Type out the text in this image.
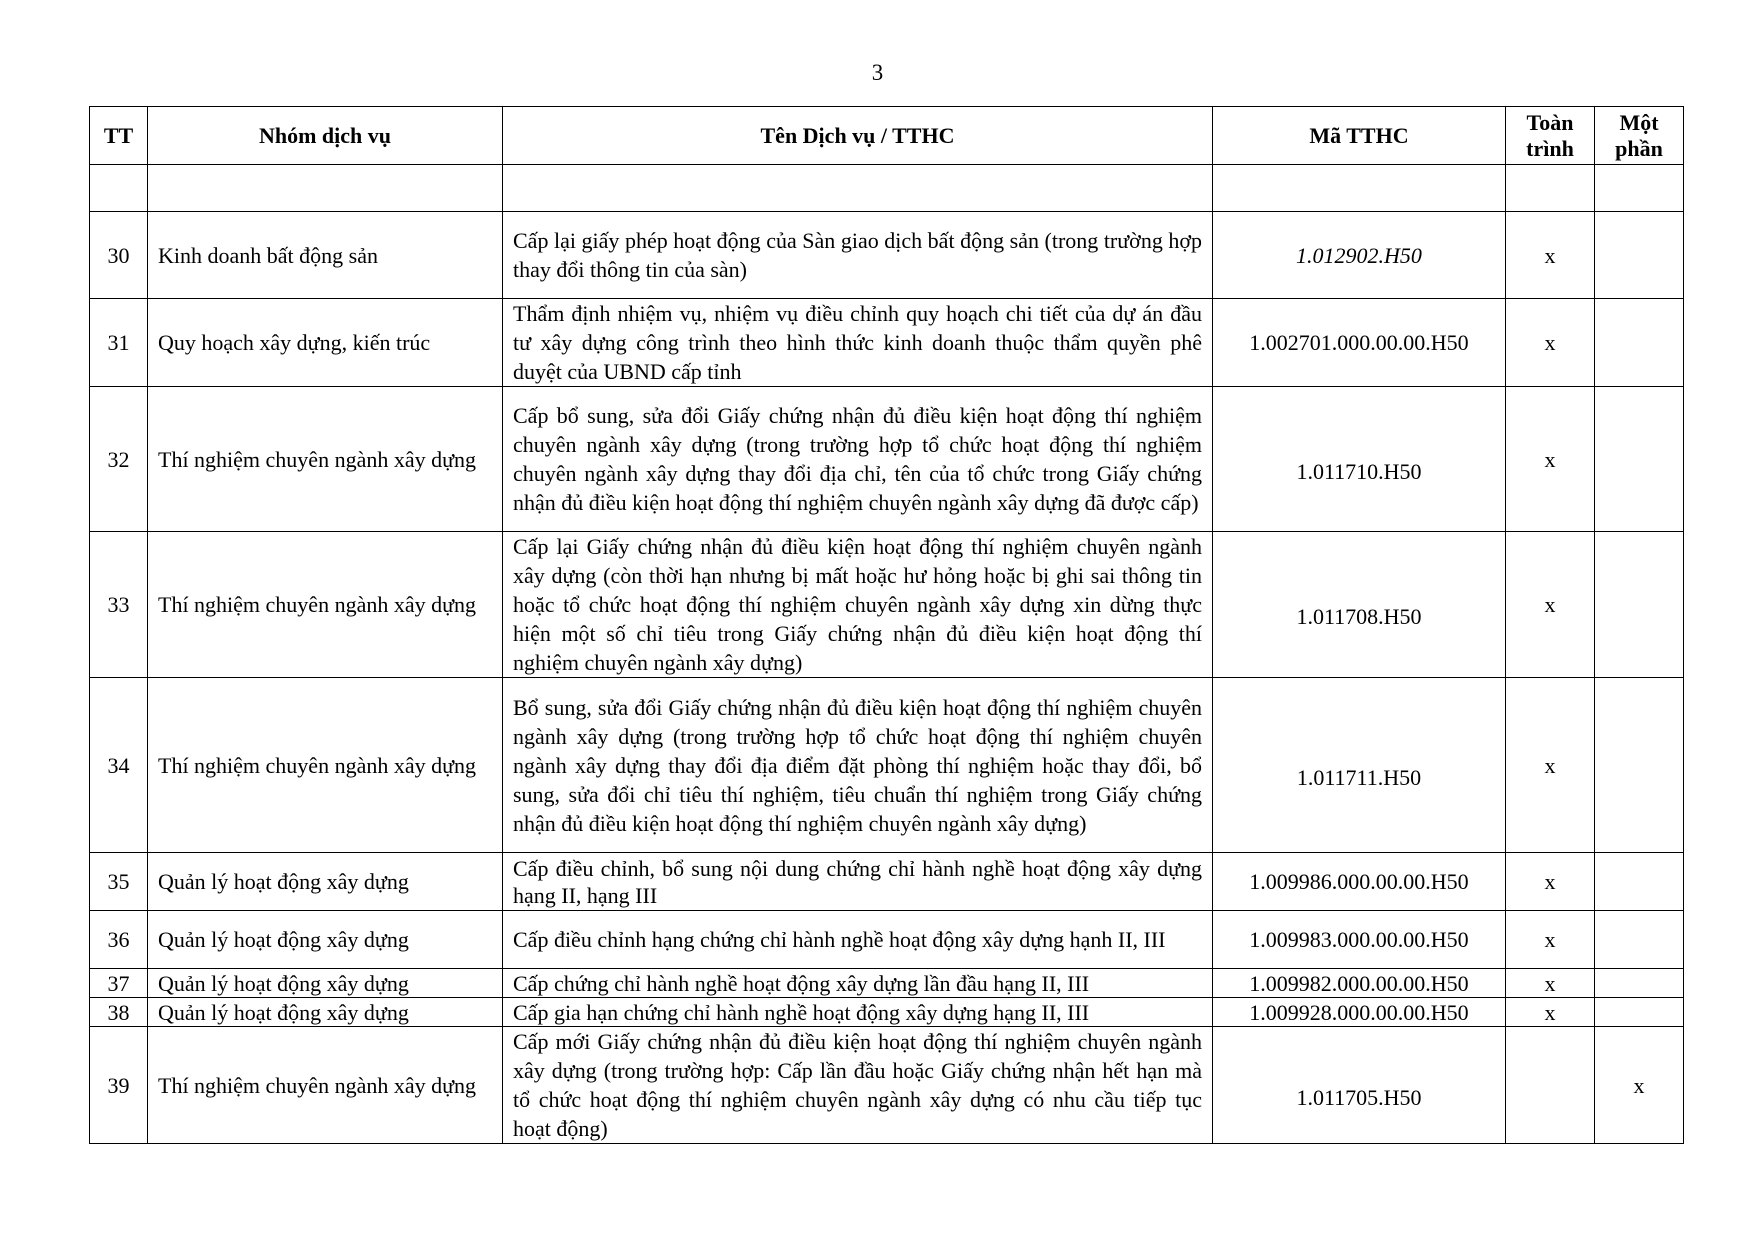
3
TT	Nhóm dịch vụ	Tên Dịch vụ / TTHC	Mã TTHC	Toàn trình	Một phần

30	Kinh doanh bất động sản	Cấp lại giấy phép hoạt động của Sàn giao dịch bất động sản (trong trường hợp thay đổi thông tin của sàn)	1.012902.H50	x	
31	Quy hoạch xây dựng, kiến trúc	Thẩm định nhiệm vụ, nhiệm vụ điều chỉnh quy hoạch chi tiết của dự án đầu tư xây dựng công trình theo hình thức kinh doanh thuộc thẩm quyền phê duyệt của UBND cấp tỉnh	1.002701.000.00.00.H50	x	
32	Thí nghiệm chuyên ngành xây dựng	Cấp bổ sung, sửa đổi Giấy chứng nhận đủ điều kiện hoạt động thí nghiệm chuyên ngành xây dựng (trong trường hợp tổ chức hoạt động thí nghiệm chuyên ngành xây dựng thay đổi địa chỉ, tên của tổ chức trong Giấy chứng nhận đủ điều kiện hoạt động thí nghiệm chuyên ngành xây dựng đã được cấp)	1.011710.H50	x	
33	Thí nghiệm chuyên ngành xây dựng	Cấp lại Giấy chứng nhận đủ điều kiện hoạt động thí nghiệm chuyên ngành xây dựng (còn thời hạn nhưng bị mất hoặc hư hỏng hoặc bị ghi sai thông tin hoặc tổ chức hoạt động thí nghiệm chuyên ngành xây dựng xin dừng thực hiện một số chỉ tiêu trong Giấy chứng nhận đủ điều kiện hoạt động thí nghiệm chuyên ngành xây dựng)	1.011708.H50	x	
34	Thí nghiệm chuyên ngành xây dựng	Bổ sung, sửa đổi Giấy chứng nhận đủ điều kiện hoạt động thí nghiệm chuyên ngành xây dựng (trong trường hợp tổ chức hoạt động thí nghiệm chuyên ngành xây dựng thay đổi địa điểm đặt phòng thí nghiệm hoặc thay đổi, bổ sung, sửa đổi chỉ tiêu thí nghiệm, tiêu chuẩn thí nghiệm trong Giấy chứng nhận đủ điều kiện hoạt động thí nghiệm chuyên ngành xây dựng)	1.011711.H50	x	
35	Quản lý hoạt động xây dựng	Cấp điều chỉnh, bổ sung nội dung chứng chỉ hành nghề hoạt động xây dựng hạng II, hạng III	1.009986.000.00.00.H50	x	
36	Quản lý hoạt động xây dựng	Cấp điều chỉnh hạng chứng chỉ hành nghề hoạt động xây dựng hạnh II, III	1.009983.000.00.00.H50	x	
37	Quản lý hoạt động xây dựng	Cấp chứng chỉ hành nghề hoạt động xây dựng lần đầu hạng II, III	1.009982.000.00.00.H50	x	
38	Quản lý hoạt động xây dựng	Cấp gia hạn chứng chỉ hành nghề hoạt động xây dựng hạng II, III	1.009928.000.00.00.H50	x	
39	Thí nghiệm chuyên ngành xây dựng	Cấp mới Giấy chứng nhận đủ điều kiện hoạt động thí nghiệm chuyên ngành xây dựng (trong trường hợp: Cấp lần đầu hoặc Giấy chứng nhận hết hạn mà tổ chức hoạt động thí nghiệm chuyên ngành xây dựng có nhu cầu tiếp tục hoạt động)	1.011705.H50		x
